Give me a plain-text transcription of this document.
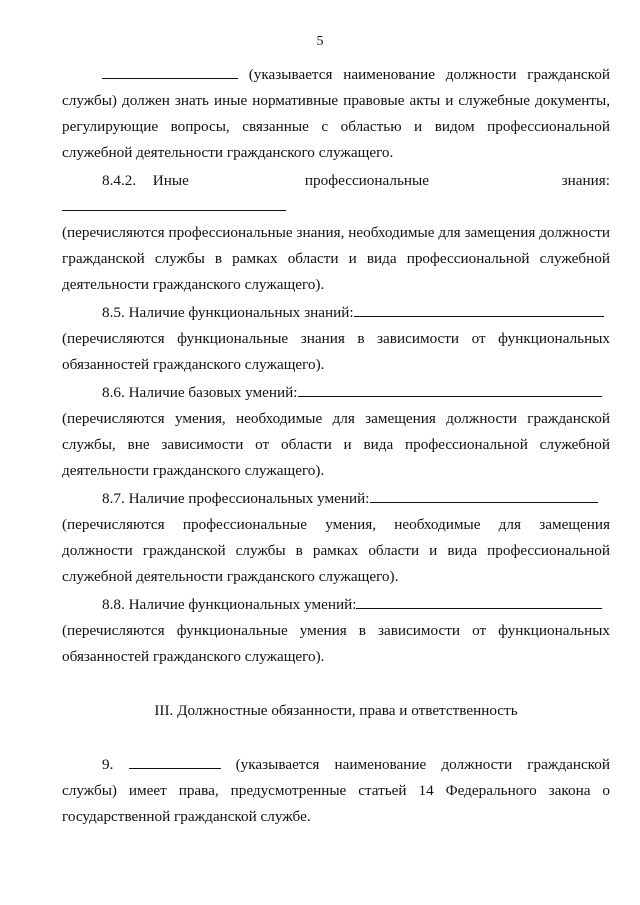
5

(указывается наименование должности гражданской службы) должен знать иные нормативные правовые акты и служебные документы, регулирующие вопросы, связанные с областью и видом профессиональной служебной деятельности гражданского служащего.

8.4.2. Иные	профессиональные	знания:

(перечисляются профессиональные знания, необходимые для замещения должности гражданской службы в рамках области и вида профессиональной служебной деятельности гражданского служащего).

8.5. Наличие функциональных знаний:

(перечисляются функциональные знания в зависимости от функциональных обязанностей гражданского служащего).

8.6. Наличие базовых умений:

(перечисляются умения, необходимые для замещения должности гражданской службы, вне зависимости от области и вида профессиональной служебной деятельности гражданского служащего).

8.7. Наличие профессиональных умений:

(перечисляются профессиональные умения, необходимые для замещения должности гражданской службы в рамках области и вида профессиональной служебной деятельности гражданского служащего).

8.8. Наличие функциональных умений:

(перечисляются функциональные умения в зависимости от функциональных обязанностей гражданского служащего).

III. Должностные обязанности, права и ответственность

9.	(указывается наименование должности гражданской службы) имеет права, предусмотренные статьей 14 Федерального закона о государственной гражданской службе.
